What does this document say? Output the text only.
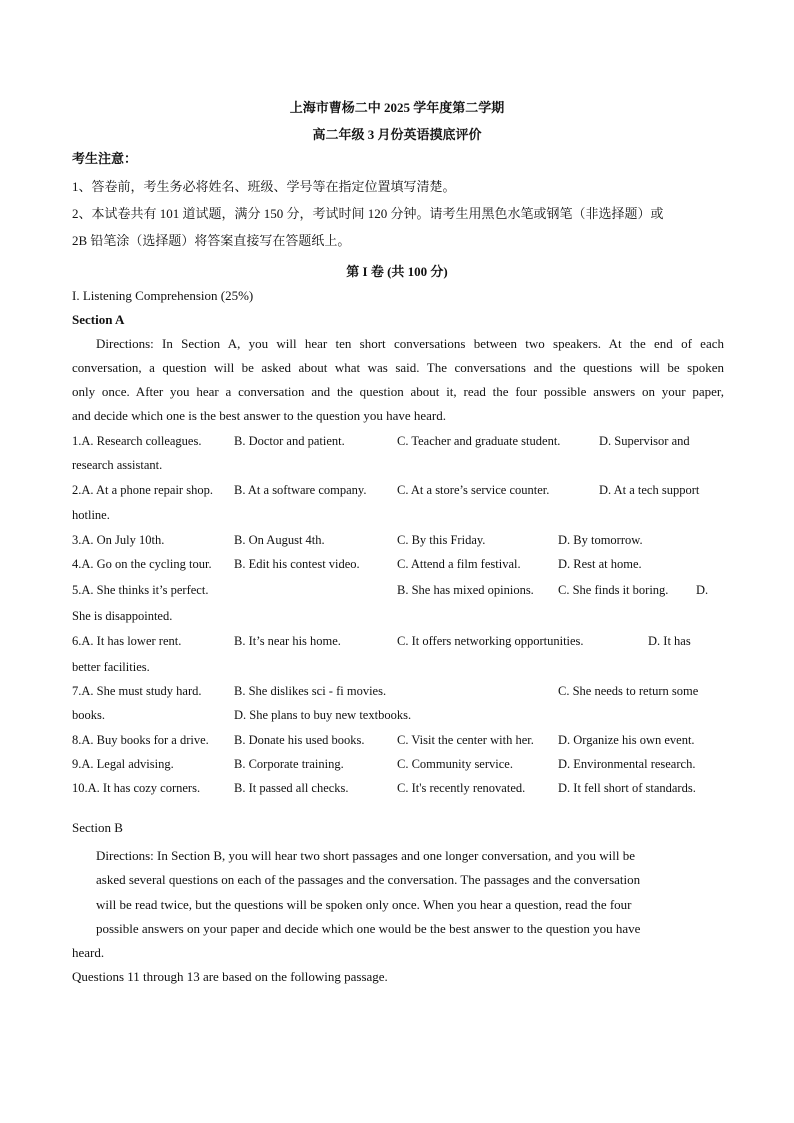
上海市曹杨二中 2025 学年度第二学期
高二年级 3 月份英语摸底评价
考生注意：
1、答卷前，考生务必将姓名、班级、学号等在指定位置填写清楚。
2、本试卷共有 101 道试题，满分 150 分，考试时间 120 分钟。请考生用黑色水笔或钢笔（非选择题）或
2B 铅笔涂（选择题）将答案直接写在答题纸上。
第 I 卷 (共 100 分)
I. Listening Comprehension (25%)
Section A
Directions: In Section A, you will hear ten short conversations between two speakers. At the end of each
conversation, a question will be asked about what was said. The conversations and the questions will be spoken
only once. After you hear a conversation and the question about it, read the four possible answers on your paper,
and decide which one is the best answer to the question you have heard.
1.A. Research colleagues.	B. Doctor and patient.	C. Teacher and graduate student.	D. Supervisor and
research assistant.
2.A. At a phone repair shop. B. At a software company. C. At a store’s service counter.	D. At a tech support
hotline.
3.A. On July 10th.	B. On August 4th.	C. By this Friday.	D. By tomorrow.
4.A. Go on the cycling tour. B. Edit his contest video.	C. Attend a film festival.	D. Rest at home.
5.A. She thinks it’s perfect.	B. She has mixed opinions. C. She finds it boring. D.
She is disappointed.
6.A. It has lower rent.	B. It’s near his home.	C. It offers networking opportunities.	D. It has
better facilities.
7.A. She must study hard.	B. She dislikes sci - fi movies.	C. She needs to return some
books.	D. She plans to buy new textbooks.
8.A. Buy books for a drive. B. Donate his used books.	C. Visit the center with her. D. Organize his own event.
9.A. Legal advising.	B. Corporate training.	C. Community service.	D. Environmental research.
10.A. It has cozy corners.	B. It passed all checks.	C. It's recently renovated.	D. It fell short of standards.
Section B
Directions: In Section B, you will hear two short passages and one longer conversation, and you will be
asked several questions on each of the passages and the conversation. The passages and the conversation
will be read twice, but the questions will be spoken only once. When you hear a question, read the four
possible answers on your paper and decide which one would be the best answer to the question you have
heard.
Questions 11 through 13 are based on the following passage.
